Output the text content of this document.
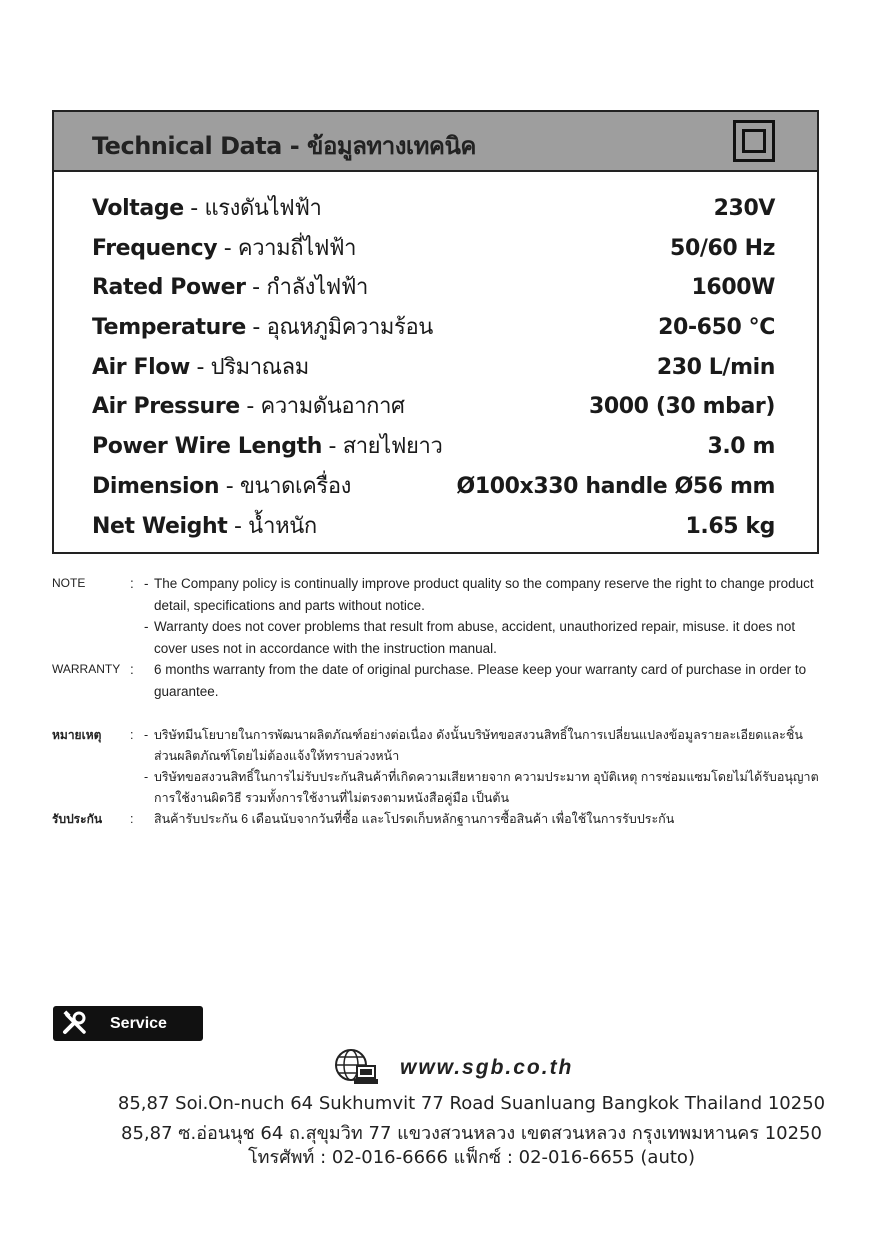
Technical Data - ข้อมูลทางเทคนิค
Voltage - แรงดันไฟฟ้า	230V
Frequency - ความถี่ไฟฟ้า	50/60 Hz
Rated Power - กำลังไฟฟ้า	1600W
Temperature - อุณหภูมิความร้อน	20-650 °C
Air Flow - ปริมาณลม	230 L/min
Air Pressure - ความดันอากาศ	3000 (30 mbar)
Power Wire Length - สายไฟยาว	3.0 m
Dimension - ขนาดเครื่อง	Ø100x330 handle Ø56 mm
Net Weight - น้ำหนัก	1.65 kg
NOTE	: - The Company policy is continually improve product quality so the company reserve the right to change product detail, specifications and parts without notice.
- Warranty does not cover problems that result from abuse, accident, unauthorized repair, misuse. it does not cover uses not in accordance with the instruction manual.
WARRANTY :	6 months warranty from the date of original purchase. Please keep your warranty card of purchase in order to guarantee.
หมายเหตุ	: - บริษัทมีนโยบายในการพัฒนาผลิตภัณฑ์อย่างต่อเนื่อง ดังนั้นบริษัทขอสงวนสิทธิ์ในการเปลี่ยนแปลงข้อมูลรายละเอียดและชิ้นส่วนผลิตภัณฑ์โดยไม่ต้องแจ้งให้ทราบล่วงหน้า
- บริษัทขอสงวนสิทธิ์ในการไม่รับประกันสินค้าที่เกิดความเสียหายจาก ความประมาท อุบัติเหตุ การซ่อมแซมโดยไม่ได้รับอนุญาต การใช้งานผิดวิธี รวมทั้งการใช้งานที่ไม่ตรงตามหนังสือคู่มือ เป็นต้น
รับประกัน	:	สินค้ารับประกัน 6 เดือนนับจากวันที่ซื้อ และโปรดเก็บหลักฐานการซื้อสินค้า เพื่อใช้ในการรับประกัน
Service
www.sgb.co.th
85,87 Soi.On-nuch 64 Sukhumvit 77 Road Suanluang Bangkok Thailand 10250
85,87 ซ.อ่อนนุช 64 ถ.สุขุมวิท 77 แขวงสวนหลวง เขตสวนหลวง กรุงเทพมหานคร 10250
โทรศัพท์ : 02-016-6666 แฟ็กซ์ : 02-016-6655 (auto)
